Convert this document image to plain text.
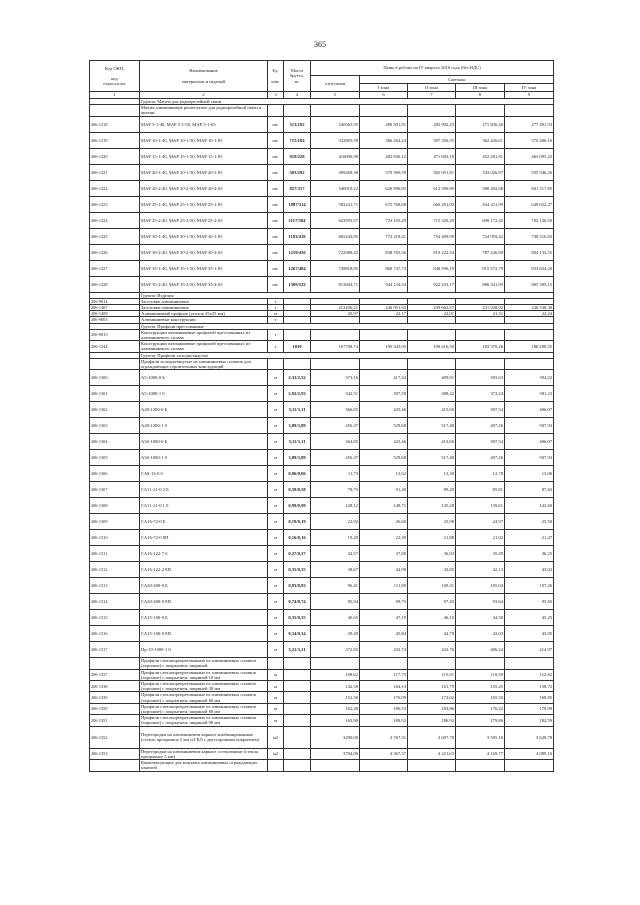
365
Код ОКП,

код
отрасл.клас	Наименование

материалов и изделий	Ед.

изм.	Масса
брутто,
кг	Цены в рублях на IV квартал 2016 года (без НДС)				
				отпускная	Сметная			
					I зона	II зона	III зона	IV зона
1	2	3	4	5	6	7	8	9
	Группа: Мачты для радиорелейной связи							
	Мачты алюминиевые решетчатые для радиорелейной связи и антенн							
206-1318	МАР 5-1-40, МАР 5-1-50, МАР 5-1-65	шт.	513/102	240565,95	280 501,91	282 902,25	271 836,26	277 491,53
206-1319	МАР 10-1-40, МАР 10-1-50, МАР 10-1-65	шт.	715/184	332805,59	386 264,24	397 356,55	362 426,61	370 486,16
206-1320	МАР 15-1-40, МАР 15-1-50, МАР 15-1-65	шт.	918/228	416096,98	482 836,12	471 692,18	452 281,81	463 095,22
206-1321	МАР 20-1-40, МАР 20-1-50, МАР 20-1-65	шт.	503/292	499268,38	579 396,59	565 951,81	543 026,97	555 946,26
206-1322	МАР 20-2-40, МАР 20-2-50, МАР 20-2-65	шт.	827/317	540010,22	626 896,83	612 390,89	588 492,68	601 317,85
206-1323	МАР 25-1-40, МАР 25-1-50, МАР 25-1-65	шт.	1087/314	582241,71	675 768,68	660 281,02	634 411,99	648 022,27
206-1324	МАР 25-2-40, МАР 25-2-50, МАР 25-2-65	шт.	1117/384	623593,57	723 103,29	715 326,29	698 172,45	702 136,50
206-1325	МАР 30-1-40, МАР 30-1-50, МАР 30-1-65	шт.	1183/419	665243,85	772 218,41	754 409,99	724 959,42	740 310,83
206-1326	МАР 30-2-40, МАР 30-2-50, МАР 30-2-65	шт.	1219/456	722988,42	838 765,36	819 222,54	787 246,89	804 133,55
206-1327	МАР 35-1-40, МАР 35-1-50, МАР 35-1-65	шт.	1267/484	749818,85	868 747,73	848 596,19	815 572,79	833 024,20
206-1328	МАР 35-2-40, МАР 35-2-50, МАР 35-2-65	шт.	1309/522	813694,71	944 134,54	922 233,17	886 341,95	905 305,15
	Группа: Изделия							
206-9014	Заготовки алюминиевые	т						
206-1407	Заготовки алюминиевые	т		213206,21	246 951,65	239 662,57	231 028,92	236 538,30
206-1408	Алюминиевый профиль (уголок 25х25 мм)	м		20,97	22,17	22,01	21,31	22,24
206-9003	Алюминиевые конструкции	т						
	Группа: Профили прессованные							
206-9015	Конструкции алюминиевые профилей прессованных из алюминиевого сплава	т						
206-1344	Конструкции алюминиевые профилей прессованных из алюминиевого сплава	т	1010	167708,74	195 343,05	190 616,50	183 370,26	186 280,55
	Группа: Профили холоднотянутые							
	Профили холоднотянутые из алюминиевых сплавов для ограждающих строительных конструкций							
206-1300	А5-1000-0 Б	м	2,32/2,32	373,16	417,24	409,91	393,63	394,22
206-1301	А5-1000-1 0	м	2,92/2,93	342,51	397,59	388,42	373,24	381,23
206-1302	А28-1200-0 Б	м	3,11/3,11	366,85	425,46	415,60	397,54	406,07
206-1303	А28-1200-1 0	м	3,89/3,89	456,37	529,68	517,48	497,26	507,93
206-1304	А50-1000-0 Б	м	3,11/3,11	364,85	423,46	413,60	397,54	406,07
206-1305	А50-1000-1 0	м	3,89/3,89	456,37	529,68	517,48	497,26	507,93
206-1306	СА8-13-0 б	м	0,06/0,06	11,73	13,62	13,30	12,78	13,06
206-1307	СА11-21-0 2 Б	м	0,58/0,58	78,75	91,40	89,29	85,81	87,63
206-1308	СА11-21-0 1 0	м	0,99/0,99	128,12	148,71	145,28	139,61	142,60
206-1309	СА16-72-0 Б	м	0,19/0,19	22,92	26,60	25,98	24,97	25,50
206-1310	СА16-72-0 8П	м	0,16/0,16	19,29	22,39	21,88	21,02	21,47
206-1311	СА16-122-7 б	м	0,27/0,27	32,57	37,80	36,93	35,49	36,25
206-1312	СА16-122-2 8П	м	0,35/0,35	38,67	44,90	43,85	42,13	43,02
206-1313	СА20-280-0 Б	м	0,83/0,83	96,41	111,89	109,31	105,04	107,26
206-1314	СА20-280-0 8П	м	0,74/0,74	85,94	99,75	97,45	93,64	95,65
206-1315	СА15-100-0 Б	м	0,35/0,35	40,65	47,19	46,10	44,30	45,25
206-1316	СА15-100-0 8П	м	0,34/0,34	39,49	45,84	44,78	43,03	43,95
206-1317	Пр-10-1000-1 0	м	3,21/3,21	372,83	432,74	422,76	406,24	414,97
	Профили стеклопрепрегованные из алюминиевых сплавов (хорошие) с покрытием, шириной							
206-1337	Профили стеклопрепрегованные из алюминиевых сплавов (хорошие) с покрытием, шириной 10 мм	м		108,62	117,75	115,01	110,50	112,82
206-1338	Профили стеклопрепрегованные из алюминиевых сплавов (хорошие) с покрытием, шириной 30 мм	м		142,50	164,13	161,79	155,45	158,72
206-1339	Профили стеклопрепрегованные из алюминиевых сплавов (хорошие) с покрытием, шириной 60 мм	м		152,30	176,09	172,02	165,35	168,85
206-1350	Профили стеклопрепрегованные из алюминиевых сплавов (хорошие) с покрытием, шириной 80 мм	м		162,28	186,53	183,86	176,22	179,99
206-1351	Профили стеклопрепрегованные из алюминиевых сплавов (хорошие) с покрытием, шириной 90 мм	м		163,90	189,52	186,92	179,86	182,59
206-1352	Перегородки на алюминиевом каркасе комбинированные (стекло прозрачное 5 мм и ГКЛ с двусторонним покрытием)	м2		3290,00	3 767,31	3 697,78	3 595,16	3 629,78
206-1353	Перегородки на алюминиевом каркасе остекленные (стекло прозрачное 5 мм)	м2		3794,00	4 367,37	4 221,63	4 169,77	4 089,16
	Комплектующие для монтажа алюминиевых ограждающих панелей							
